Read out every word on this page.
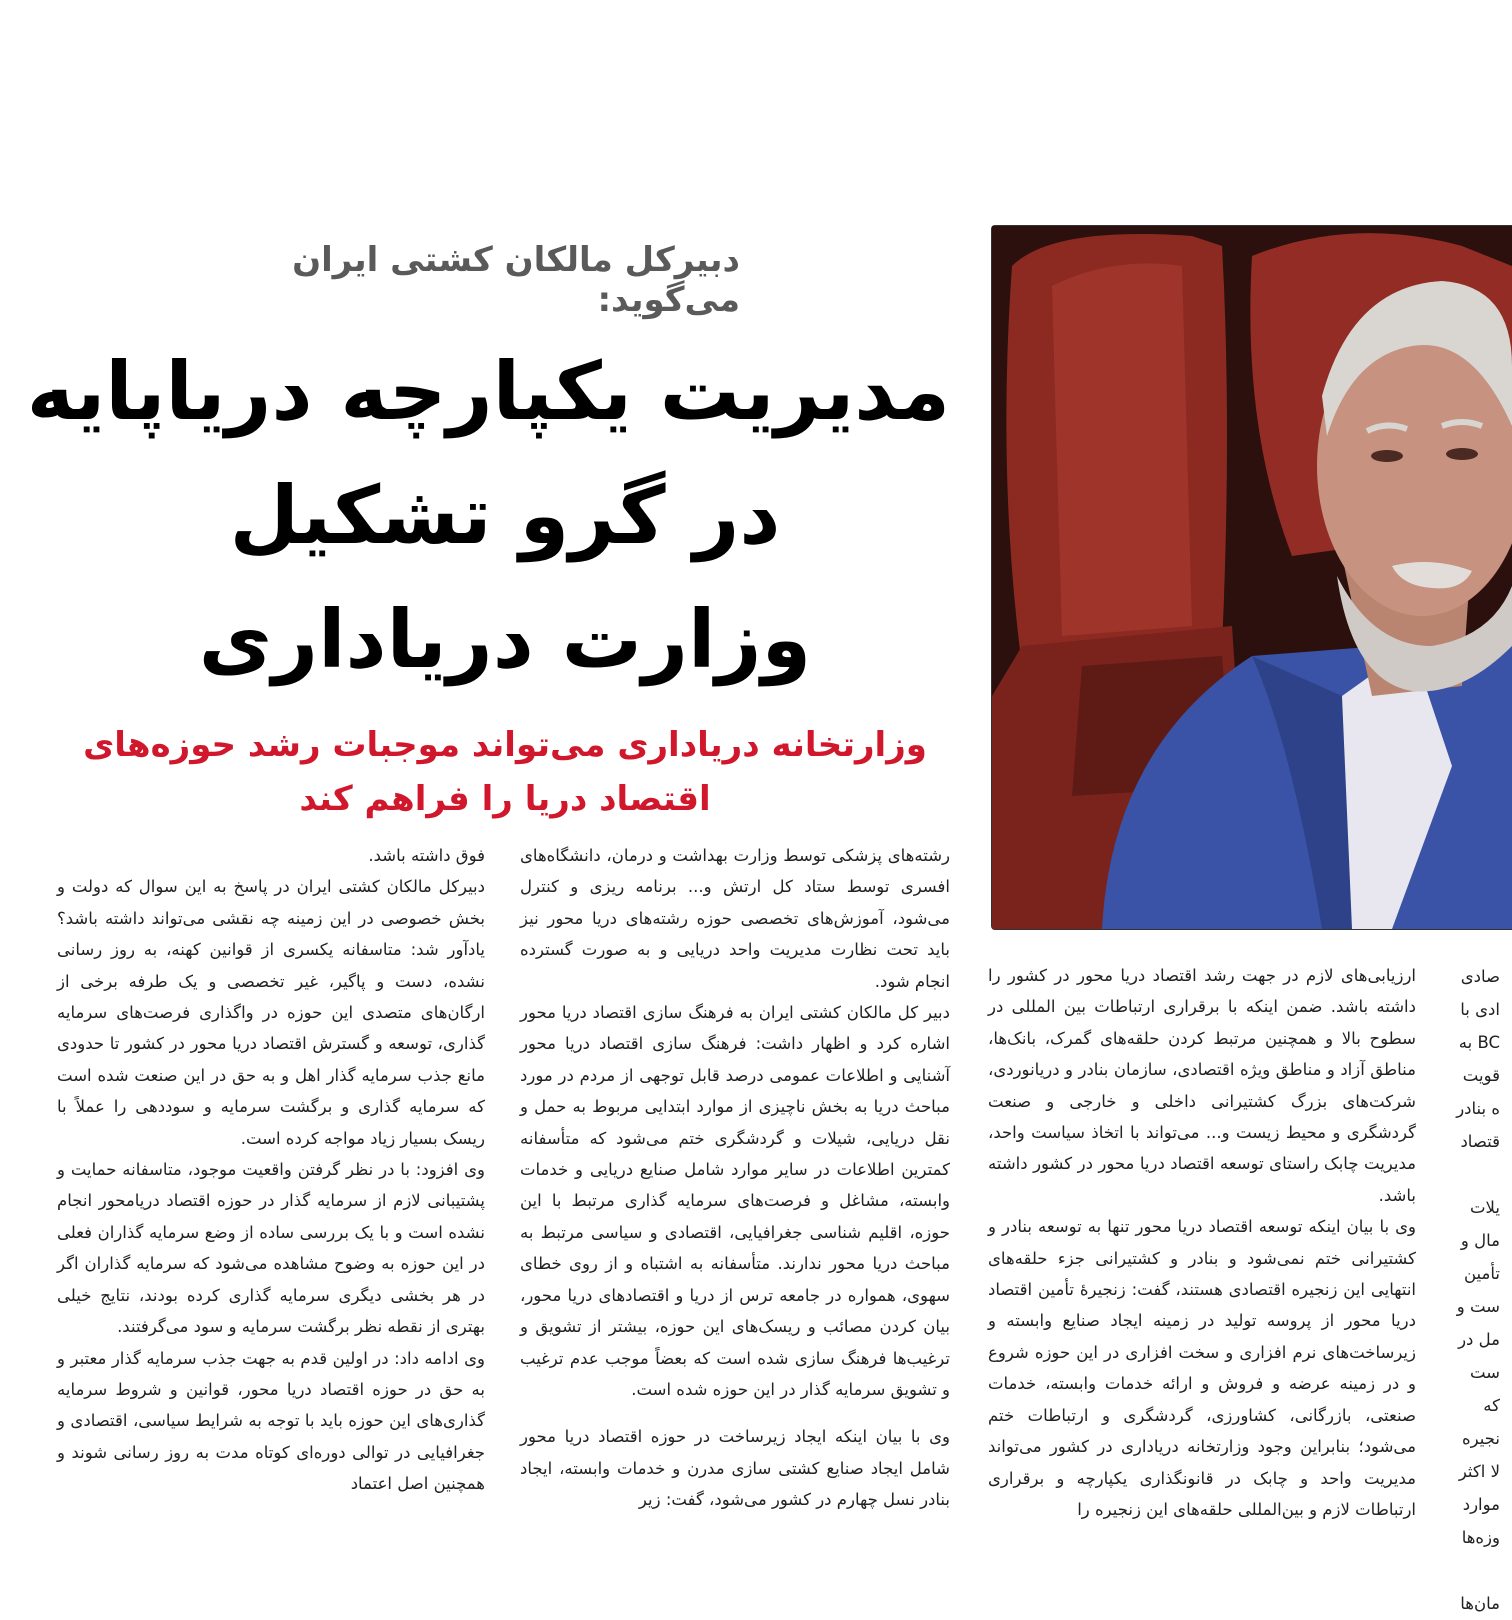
دبیرکل مالکان کشتی ایران می‌گوید:
مدیریت یکپارچه دریاپایه
در گرو تشکیل
وزارت دریاداری
وزارتخانه دریاداری می‌تواند موجبات رشد حوزه‌های
اقتصاد دریا را فراهم کند

فوق داشته باشد.

دبیرکل مالکان کشتی ایران در پاسخ به این سوال که دولت و بخش خصوصی در این زمینه چه نقشی می‌تواند داشته باشد؟ یادآور شد: متاسفانه یکسری از قوانین کهنه، به روز رسانی نشده، دست و پاگیر، غیر تخصصی و یک طرفه برخی از ارگان‌های متصدی این حوزه در واگذاری فرصت‌های سرمایه گذاری، توسعه و گسترش اقتصاد دریا محور در کشور تا حدودی مانع جذب سرمایه گذار اهل و به حق در این صنعت شده است که سرمایه گذاری و برگشت سرمایه و سوددهی را عملاً با ریسک بسیار زیاد مواجه کرده است.

وی افزود: با در نظر گرفتن واقعیت موجود، متاسفانه حمایت و پشتیبانی لازم از سرمایه گذار در حوزه اقتصاد دریامحور انجام نشده است و با یک بررسی ساده از وضع سرمایه گذاران فعلی در این حوزه به وضوح مشاهده می‌شود که سرمایه گذاران اگر در هر بخشی دیگری سرمایه گذاری کرده بودند، نتایج خیلی بهتری از نقطه نظر برگشت سرمایه و سود می‌گرفتند.

وی ادامه داد: در اولین قدم به جهت جذب سرمایه گذار معتبر و به حق در حوزه اقتصاد دریا محور، قوانین و شروط سرمایه گذاری‌های این حوزه باید با توجه به شرایط سیاسی، اقتصادی و جغرافیایی در توالی دوره‌ای کوتاه مدت به روز رسانی شوند و همچنین اصل اعتماد

رشته‌های پزشکی توسط وزارت بهداشت و درمان، دانشگاه‌های افسری توسط ستاد کل ارتش و... برنامه ریزی و کنترل می‌شود، آموزش‌های تخصصی حوزه رشته‌های دریا محور نیز باید تحت نظارت مدیریت واحد دریایی و به صورت گسترده انجام شود.

دبیر کل مالکان کشتی ایران به فرهنگ سازی اقتصاد دریا محور اشاره کرد و اظهار داشت: فرهنگ سازی اقتصاد دریا محور آشنایی و اطلاعات عمومی درصد قابل توجهی از مردم در مورد مباحث دریا به بخش ناچیزی از موارد ابتدایی مربوط به حمل و نقل دریایی، شیلات و گردشگری ختم می‌شود که متأسفانه کمترین اطلاعات در سایر موارد شامل صنایع دریایی و خدمات وابسته، مشاغل و فرصت‌های سرمایه گذاری مرتبط با این حوزه، اقلیم شناسی جغرافیایی، اقتصادی و سیاسی مرتبط به مباحث دریا محور ندارند. متأسفانه به اشتباه و از روی خطای سهوی، همواره در جامعه ترس از دریا و اقتصادهای دریا محور، بیان کردن مصائب و ریسک‌های این حوزه، بیشتر از تشویق و ترغیب‌ها فرهنگ سازی شده است که بعضاً موجب عدم ترغیب و تشویق سرمایه گذار در این حوزه شده است.

وی با بیان اینکه ایجاد زیرساخت در حوزه اقتصاد دریا محور شامل ایجاد صنایع کشتی سازی مدرن و خدمات وابسته، ایجاد بنادر نسل چهارم در کشور می‌شود، گفت: زیر

ارزیابی‌های لازم در جهت رشد اقتصاد دریا محور در کشور را داشته باشد. ضمن اینکه با برقراری ارتباطات بین المللی در سطوح بالا و همچنین مرتبط کردن حلقه‌های گمرک، بانک‌ها، مناطق آزاد و مناطق ویژه اقتصادی، سازمان بنادر و دریانوردی، شرکت‌های بزرگ کشتیرانی داخلی و خارجی و صنعت گردشگری و محیط زیست و... می‌تواند با اتخاذ سیاست واحد، مدیریت چابک راستای توسعه اقتصاد دریا محور در کشور داشته باشد.

وی با بیان اینکه توسعه اقتصاد دریا محور تنها به توسعه بنادر و کشتیرانی ختم نمی‌شود و بنادر و کشتیرانی جزء حلقه‌های انتهایی این زنجیره اقتصادی هستند، گفت: زنجیرۀ تأمین اقتصاد دریا محور از پروسه تولید در زمینه ایجاد صنایع وابسته و زیرساخت‌های نرم افزاری و سخت افزاری در این حوزه شروع و در زمینه عرضه و فروش و ارائه خدمات وابسته، خدمات صنعتی، بازرگانی، کشاورزی، گردشگری و ارتباطات ختم می‌شود؛ بنابراین وجود وزارتخانه دریاداری در کشور می‌تواند مدیریت واحد و چابک در قانونگذاری یکپارچه و برقراری ارتباطات لازم و بین‌المللی حلقه‌های این زنجیره را

صادی
ادی با
BC به
قویت
ه بنادر
قتصاد

یلات
مال و
تأمین
ست و
مل در
ست که
نجیره
لا اکثر
موارد
وزه‌ها

مان‌ها
